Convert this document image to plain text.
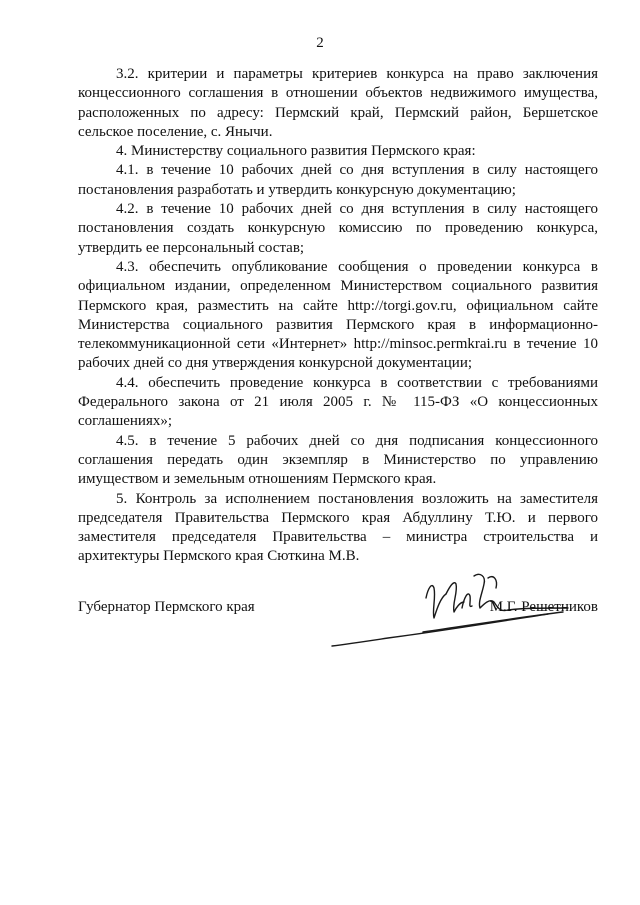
2

3.2. критерии и параметры критериев конкурса на право заключения концессионного соглашения в отношении объектов недвижимого имущества, расположенных по адресу: Пермский край, Пермский район, Бершетское сельское поселение, с. Янычи.

4. Министерству социального развития Пермского края:

4.1. в течение 10 рабочих дней со дня вступления в силу настоящего постановления разработать и утвердить конкурсную документацию;

4.2. в течение 10 рабочих дней со дня вступления в силу настоящего постановления создать конкурсную комиссию по проведению конкурса, утвердить ее персональный состав;

4.3. обеспечить опубликование сообщения о проведении конкурса в официальном издании, определенном Министерством социального развития Пермского края, разместить на сайте http://torgi.gov.ru, официальном сайте Министерства социального развития Пермского края в информационно-телекоммуникационной сети «Интернет» http://minsoc.permkrai.ru в течение 10 рабочих дней со дня утверждения конкурсной документации;

4.4. обеспечить проведение конкурса в соответствии с требованиями Федерального закона от 21 июля 2005 г. № 115-ФЗ «О концессионных соглашениях»;

4.5. в течение 5 рабочих дней со дня подписания концессионного соглашения передать один экземпляр в Министерство по управлению имуществом и земельным отношениям Пермского края.

5. Контроль за исполнением постановления возложить на заместителя председателя Правительства Пермского края Абдуллину Т.Ю. и первого заместителя председателя Правительства – министра строительства и архитектуры Пермского края Сюткина М.В.

Губернатор Пермского края	М.Г. Решетников
